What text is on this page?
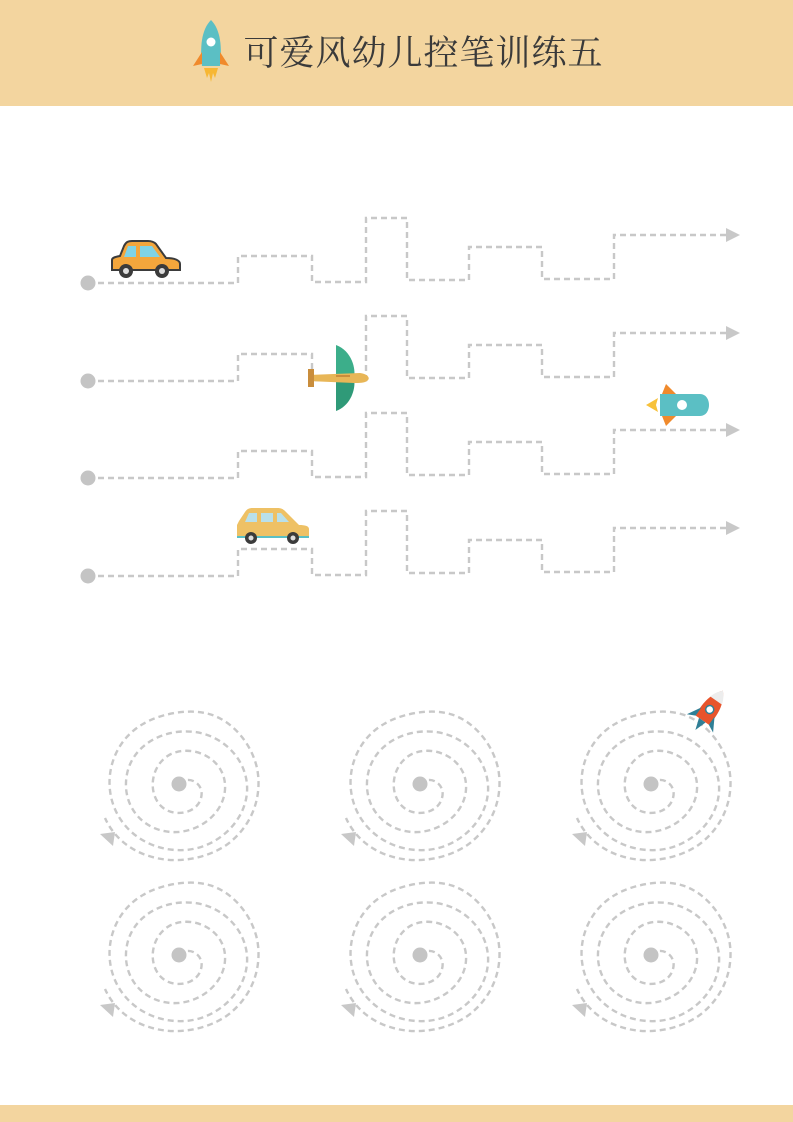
可爱风幼儿控笔训练五
